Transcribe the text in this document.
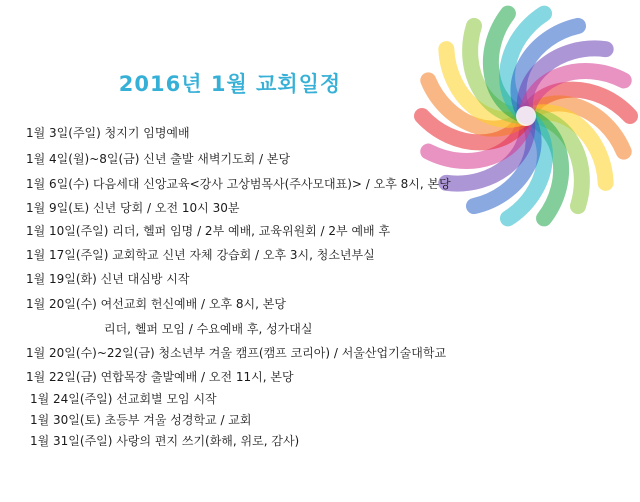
2016년 1월 교회일정
1월 3일(주일) 청지기 임명예배
1월 4일(월)~8일(금) 신년 출발 새벽기도회 / 본당
1월 6일(수) 다음세대 신앙교육<강사 고상범목사(주사모대표)> / 오후 8시, 본당
1월 9일(토) 신년 당회 / 오전 10시 30분
1월 10일(주일) 리더, 헬퍼 임명 / 2부 예배, 교육위원회 / 2부 예배 후
1월 17일(주일) 교회학교 신년 자체 강습회 / 오후 3시, 청소년부실
1월 19일(화) 신년 대심방 시작
1월 20일(수) 여선교회 헌신예배 / 오후 8시, 본당
리더, 헬퍼 모임 / 수요예배 후, 성가대실
1월 20일(수)~22일(금) 청소년부 겨울 캠프(캠프 코리아) / 서울산업기술대학교
1월 22일(금) 연합목장 출발예배 / 오전 11시, 본당
1월 24일(주일) 선교회별 모임 시작
1월 30일(토) 초등부 겨울 성경학교 / 교회
1월 31일(주일) 사랑의 편지 쓰기(화해, 위로, 감사)
